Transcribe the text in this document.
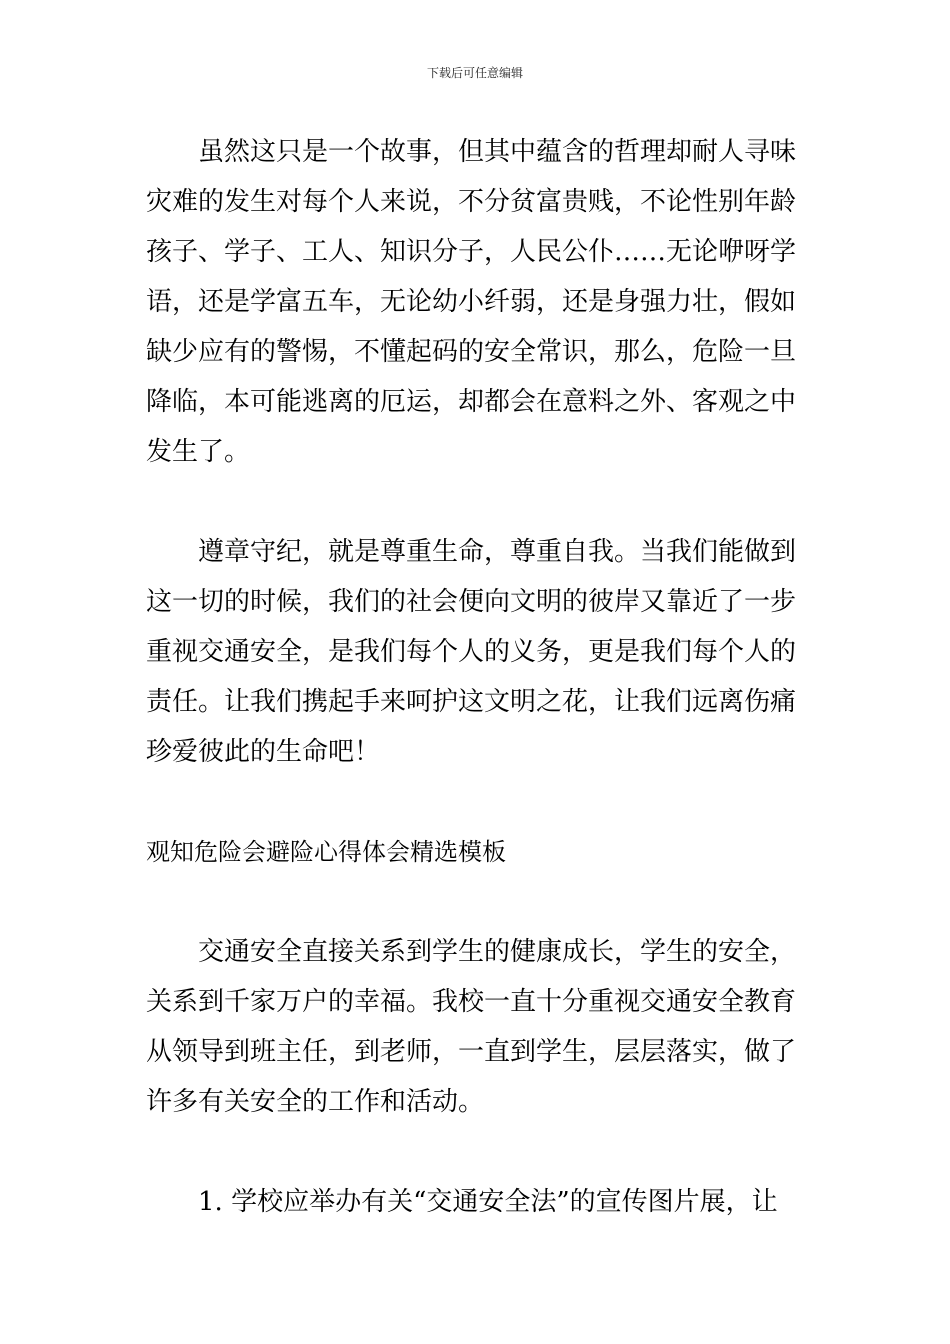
下载后可任意编辑
虽然这只是一个故事，但其中蕴含的哲理却耐人寻味
灾难的发生对每个人来说，不分贫富贵贱，不论性别年龄
孩子、学子、工人、知识分子，人民公仆……无论咿呀学
语，还是学富五车，无论幼小纤弱，还是身强力壮，假如
缺少应有的警惕，不懂起码的安全常识，那么，危险一旦
降临，本可能逃离的厄运，却都会在意料之外、客观之中
发生了。
遵章守纪，就是尊重生命，尊重自我。当我们能做到
这一切的时候，我们的社会便向文明的彼岸又靠近了一步
重视交通安全，是我们每个人的义务，更是我们每个人的
责任。让我们携起手来呵护这文明之花，让我们远离伤痛
珍爱彼此的生命吧！
观知危险会避险心得体会精选模板
交通安全直接关系到学生的健康成长，学生的安全，
关系到千家万户的幸福。我校一直十分重视交通安全教育
从领导到班主任，到老师，一直到学生，层层落实，做了
许多有关安全的工作和活动。
1. 学校应举办有关“交通安全法”的宣传图片展，让
